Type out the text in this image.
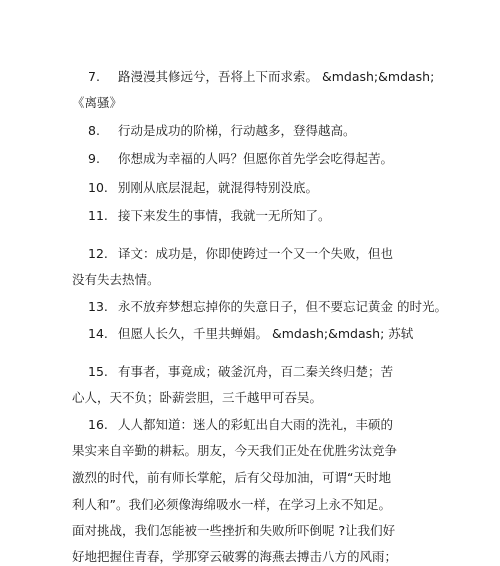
7. 路漫漫其修远兮，吾将上下而求索。 &mdash;&mdash;
《离骚》
8. 行动是成功的阶梯，行动越多，登得越高。
9. 你想成为幸福的人吗？但愿你首先学会吃得起苦。
10. 别刚从底层混起，就混得特别没底。
11. 接下来发生的事情，我就一无所知了。
12. 译文：成功是，你即使跨过一个又一个失败，但也
没有失去热情。
13. 永不放弃梦想忘掉你的失意日子，但不要忘记黄金 的时光。
14. 但愿人长久，千里共蝉娟。 &mdash;&mdash; 苏轼
15. 有事者，事竟成；破釜沉舟，百二秦关终归楚；苦
心人，天不负；卧薪尝胆，三千越甲可吞吴。
16. 人人都知道：迷人的彩虹出自大雨的洗礼，丰硕的
果实来自辛勤的耕耘。朋友，今天我们正处在优胜劣汰竞争
激烈的时代，前有师长掌舵，后有父母加油，可谓“天时地
利人和”。我们必须像海绵吸水一样，在学习上永不知足。
面对挑战，我们怎能被一些挫折和失败所吓倒呢 ?让我们好
好地把握住青春，学那穿云破雾的海燕去搏击八方的风雨；
